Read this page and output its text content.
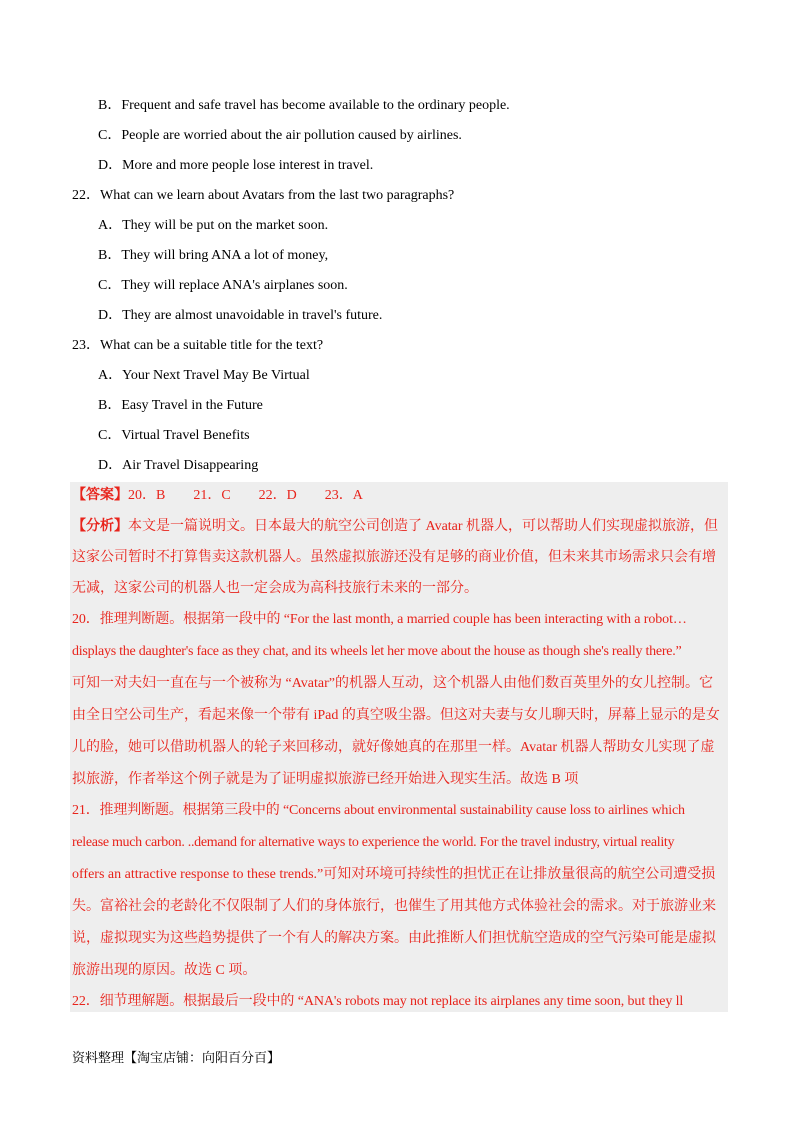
B．Frequent and safe travel has become available to the ordinary people.
C．People are worried about the air pollution caused by airlines.
D．More and more people lose interest in travel.
22．What can we learn about Avatars from the last two paragraphs?
A．They will be put on the market soon.
B．They will bring ANA a lot of money,
C．They will replace ANA's airplanes soon.
D．They are almost unavoidable in travel's future.
23．What can be a suitable title for the text?
A．Your Next Travel May Be Virtual
B．Easy Travel in the Future
C．Virtual Travel Benefits
D．Air Travel Disappearing
【答案】20．B　　21．C　　22．D　　23．A
【分析】本文是一篇说明文。日本最大的航空公司创造了 Avatar 机器人，可以帮助人们实现虚拟旅游，但
这家公司暂时不打算售卖这款机器人。虽然虚拟旅游还没有足够的商业价值，但未来其市场需求只会有增
无减，这家公司的机器人也一定会成为高科技旅行未来的一部分。
20．推理判断题。根据第一段中的 “For the last month, a married couple has been interacting with a robot…
displays the daughter's face as they chat, and its wheels let her move about the house as though she's really there.”
可知一对夫妇一直在与一个被称为 “Avatar”的机器人互动，这个机器人由他们数百英里外的女儿控制。它
由全日空公司生产，看起来像一个带有 iPad 的真空吸尘器。但这对夫妻与女儿聊天时，屏幕上显示的是女
儿的脸，她可以借助机器人的轮子来回移动，就好像她真的在那里一样。Avatar 机器人帮助女儿实现了虚
拟旅游，作者举这个例子就是为了证明虚拟旅游已经开始进入现实生活。故选 B 项
21．推理判断题。根据第三段中的 “Concerns about environmental sustainability cause loss to airlines which
release much carbon. ..demand for alternative ways to experience the world. For the travel industry, virtual reality
offers an attractive response to these trends.”可知对环境可持续性的担忧正在让排放量很高的航空公司遭受损
失。富裕社会的老龄化不仅限制了人们的身体旅行，也催生了用其他方式体验社会的需求。对于旅游业来
说，虚拟现实为这些趋势提供了一个有人的解决方案。由此推断人们担忧航空造成的空气污染可能是虚拟
旅游出现的原因。故选 C 项。
22．细节理解题。根据最后一段中的 “ANA's robots may not replace its airplanes any time soon, but they ll
资料整理【淘宝店铺：向阳百分百】
